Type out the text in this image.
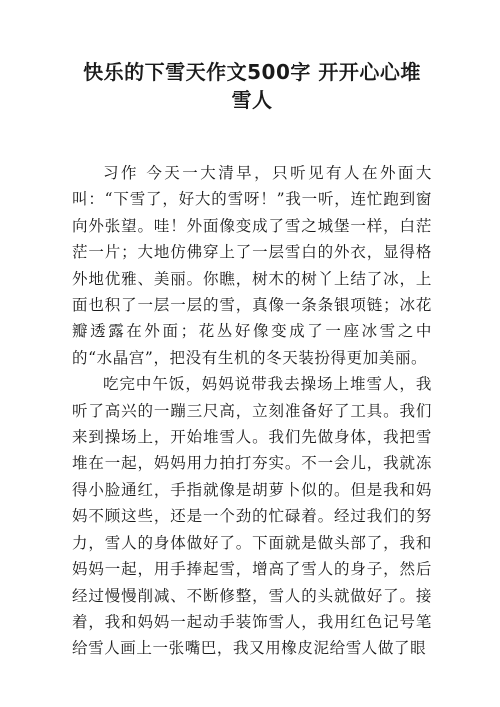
快乐的下雪天作文500字 开开心心堆
雪人

习作 今天一大清早，只听见有人在外面大叫：“下雪了，好大的雪呀！”我一听，连忙跑到窗向外张望。哇！外面像变成了雪之城堡一样，白茫茫一片；大地仿佛穿上了一层雪白的外衣，显得格外地优雅、美丽。你瞧，树木的树丫上结了冰，上面也积了一层一层的雪，真像一条条银项链；冰花瓣透露在外面；花丛好像变成了一座冰雪之中的“水晶宫”，把没有生机的冬天装扮得更加美丽。

吃完中午饭，妈妈说带我去操场上堆雪人，我听了高兴的一蹦三尺高，立刻准备好了工具。我们来到操场上，开始堆雪人。我们先做身体，我把雪堆在一起，妈妈用力拍打夯实。不一会儿，我就冻得小脸通红，手指就像是胡萝卜似的。但是我和妈妈不顾这些，还是一个劲的忙碌着。经过我们的努力，雪人的身体做好了。下面就是做头部了，我和妈妈一起，用手捧起雪，增高了雪人的身子，然后经过慢慢削减、不断修整，雪人的头就做好了。接着，我和妈妈一起动手装饰雪人，我用红色记号笔给雪人画上一张嘴巴，我又用橡皮泥给雪人做了眼
